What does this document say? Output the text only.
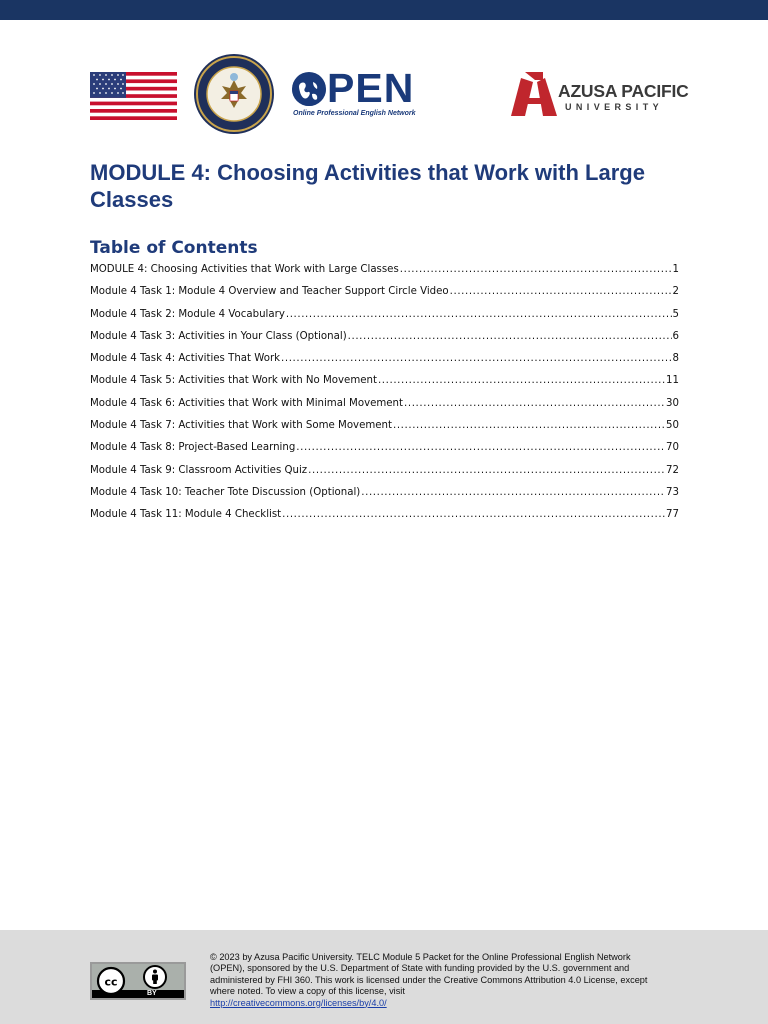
PEN
Online Professional English Network
AZUSA PACIFIC
UNIVERSITY
MODULE 4: Choosing Activities that Work with Large Classes
Table of Contents
MODULE 4: Choosing Activities that Work with Large Classes .....	1
Module 4 Task 1: Module 4 Overview and Teacher Support Circle Video .....	2
Module 4 Task 2: Module 4 Vocabulary .....	5
Module 4 Task 3: Activities in Your Class (Optional) .....	6
Module 4 Task 4: Activities That Work .....	8
Module 4 Task 5: Activities that Work with No Movement .....	11
Module 4 Task 6: Activities that Work with Minimal Movement .....	30
Module 4 Task 7: Activities that Work with Some Movement .....	50
Module 4 Task 8: Project-Based Learning .....	70
Module 4 Task 9: Classroom Activities Quiz .....	72
Module 4 Task 10: Teacher Tote Discussion (Optional) .....	73
Module 4 Task 11: Module 4 Checklist .....	77
cc
BY

© 2023 by Azusa Pacific University. TELC Module 5 Packet for the Online Professional English Network (OPEN), sponsored by the U.S. Department of State with funding provided by the U.S. government and administered by FHI 360. This work is licensed under the Creative Commons Attribution 4.0 License, except where noted. To view a copy of this license, visit
http://creativecommons.org/licenses/by/4.0/
